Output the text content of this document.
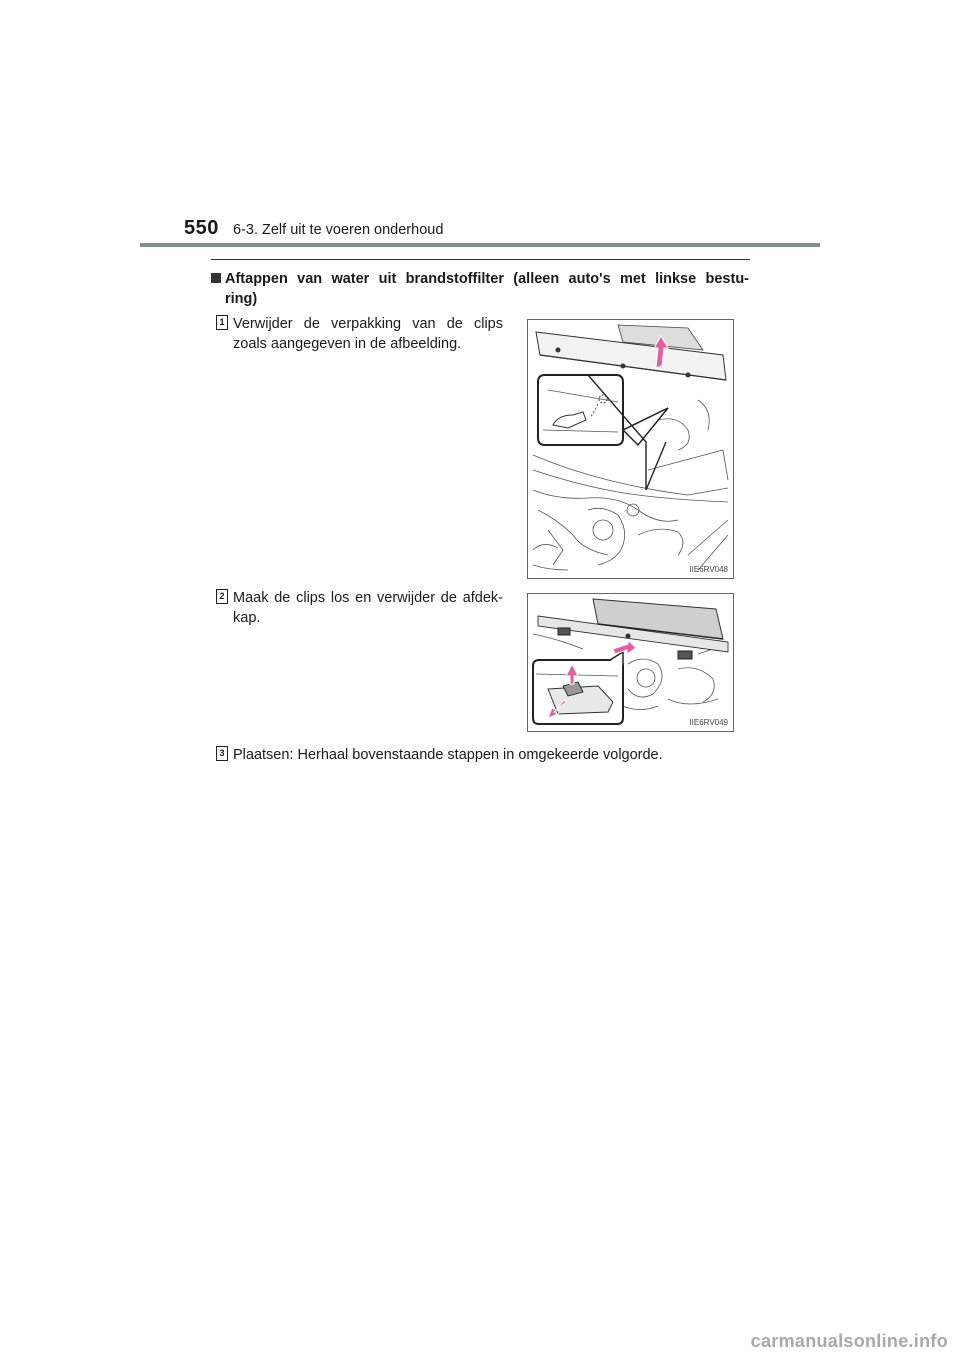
550 6-3. Zelf uit te voeren onderhoud
Aftappen van water uit brandstoffilter (alleen auto's met linkse bestu-
ring)
1 Verwijder de verpakking van de clips
zoals aangegeven in de afbeelding.
IIE6RV048
2 Maak de clips los en verwijder de afdek-
kap.
IIE6RV049
3 Plaatsen: Herhaal bovenstaande stappen in omgekeerde volgorde.
carmanualsonline.info
